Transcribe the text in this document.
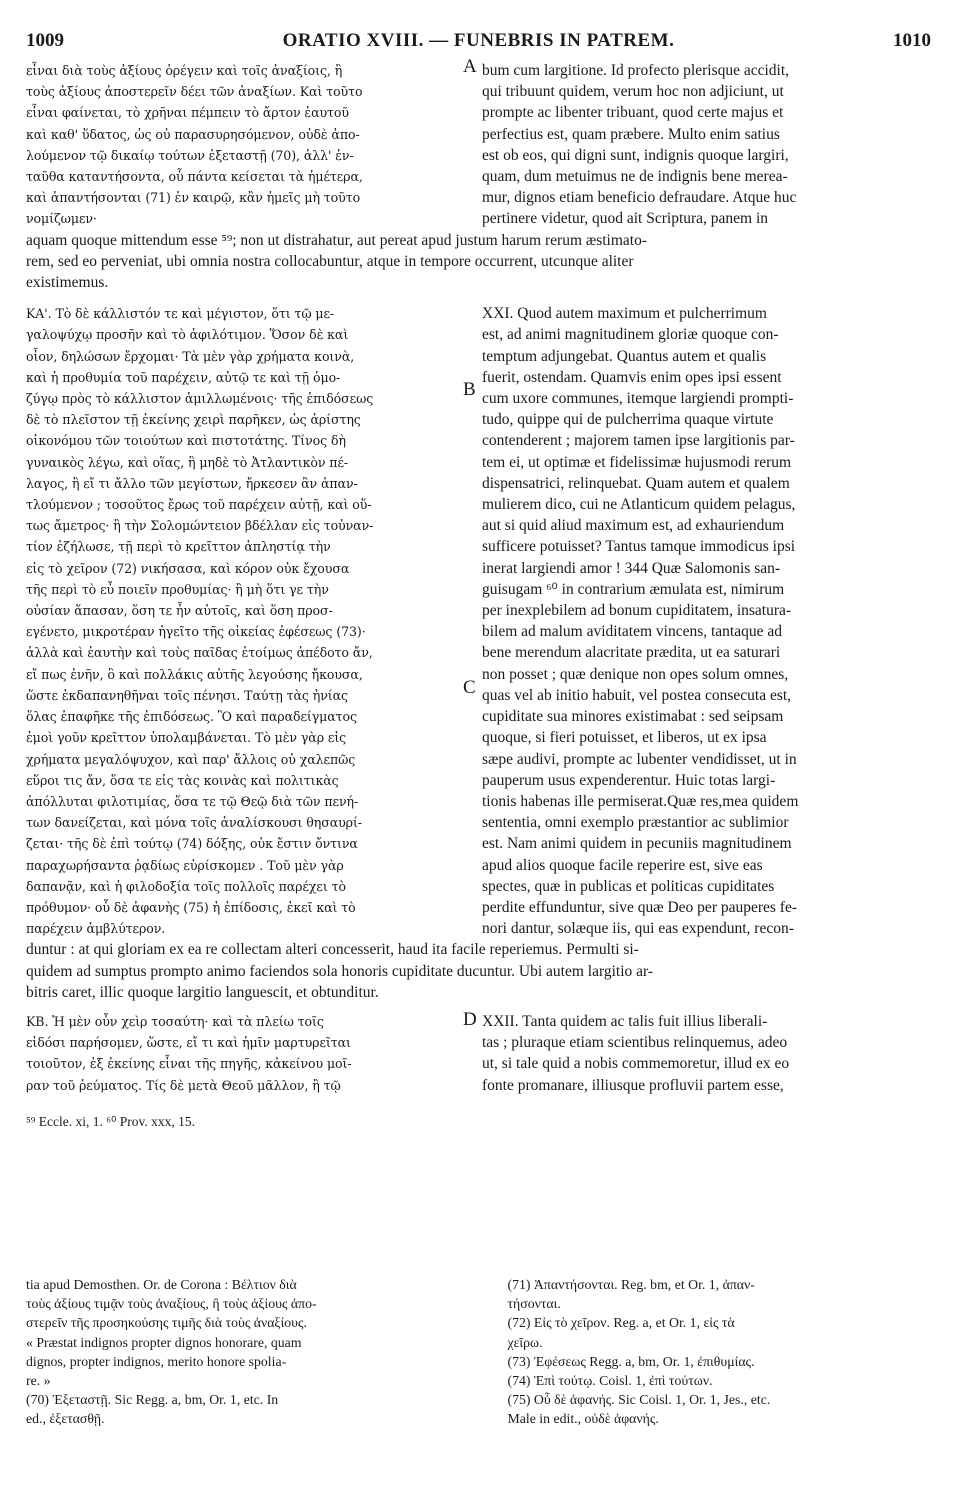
1009	ORATIO XVIII. — FUNEBRIS IN PATREM.	1010
εἶναι διὰ τοὺς ἀξίους ὀρέγειν καὶ τοῖς ἀναξίοις, ἢ
τοὺς ἀξίους ἀποστερεῖν δέει τῶν ἀναξίων. Καὶ τοῦτο
εἶναι φαίνεται, τὸ χρῆναι πέμπειν τὸ ἄρτον ἑαυτοῦ
καὶ καθ' ὕδατος, ὡς οὐ παρασυρησόμενον, οὐδὲ ἀπο-
λούμενον τῷ δικαίῳ τούτων ἐξεταστῇ (70), ἀλλ' ἐν-
ταῦθα καταντήσοντα, οὗ πάντα κείσεται τὰ ἡμέτερα,
καὶ ἀπαντήσονται (71) ἐν καιρῷ, κἂν ἡμεῖς μὴ τοῦτο
νομίζωμεν·
bum cum largitione. Id profecto plerisque accidit,
qui tribuunt quidem, verum hoc non adjiciunt, ut
prompte ac libenter tribuant, quod certe majus et
perfectius est, quam præbere. Multo enim satius
est ob eos, qui digni sunt, indignis quoque largiri,
quam, dum metuimus ne de indignis bene merea-
mur, dignos etiam beneficio defraudare. Atque huc
pertinere videtur, quod ait Scriptura, panem in
A
aquam quoque mittendum esse ⁵⁹; non ut distrahatur, aut pereat apud justum harum rerum æstimato-
rem, sed eo perveniat, ubi omnia nostra collocabuntur, atque in tempore occurrent, utcunque aliter
existimemus.
ΚΑ'. Τὸ δὲ κάλλιστόν τε καὶ μέγιστον, ὅτι τῷ με-
γαλοψύχῳ προσῆν καὶ τὸ ἀφιλότιμον. Ὅσον δὲ καὶ
οἷον, δηλώσων ἔρχομαι· Τὰ μὲν γὰρ χρήματα κοινὰ,
καὶ ἡ προθυμία τοῦ παρέχειν, αὐτῷ τε καὶ τῇ ὁμο-
ζύγῳ πρὸς τὸ κάλλιστον ἁμιλλωμένοις· τῆς ἐπιδόσεως
δὲ τὸ πλεῖστον τῇ ἐκείνης χειρὶ παρῆκεν, ὡς ἀρίστης
οἰκονόμου τῶν τοιούτων καὶ πιστοτάτης. Τίνος δὴ
γυναικὸς λέγω, καὶ οἵας, ἣ μηδὲ τὸ Ἀτλαντικὸν πέ-
λαγος, ἢ εἴ τι ἄλλο τῶν μεγίστων, ἤρκεσεν ἂν ἀπαν-
τλούμενον ; τοσοῦτος ἔρως τοῦ παρέχειν αὐτῇ, καὶ οὕ-
τως ἄμετρος· ἣ τὴν Σολομώντειον βδέλλαν εἰς τοὐναν-
τίον ἐζήλωσε, τῇ περὶ τὸ κρεῖττον ἀπληστίᾳ τὴν
εἰς τὸ χεῖρον (72) νικήσασα, καὶ κόρον οὐκ ἔχουσα
τῆς περὶ τὸ εὖ ποιεῖν προθυμίας· ἢ μὴ ὅτι γε τὴν
οὐσίαν ἅπασαν, ὅση τε ἦν αὐτοῖς, καὶ ὅση προσ-
εγένετο, μικροτέραν ἡγεῖτο τῆς οἰκείας ἐφέσεως (73)·
ἀλλὰ καὶ ἑαυτὴν καὶ τοὺς παῖδας ἑτοίμως ἀπέδοτο ἄν,
εἴ πως ἐνῆν, ὃ καὶ πολλάκις αὐτῆς λεγούσης ἤκουσα,
ὥστε ἐκδαπανηθῆναι τοῖς πένησι. Ταύτῃ τὰς ἡνίας
ὅλας ἐπαφῆκε τῆς ἐπιδόσεως. Ὃ καὶ παραδείγματος
ἐμοὶ γοῦν κρεῖττον ὑπολαμβάνεται. Τὸ μὲν γὰρ εἰς
χρήματα μεγαλόψυχον, καὶ παρ' ἄλλοις οὐ χαλεπῶς
εὕροι τις ἄν, ὅσα τε εἰς τὰς κοινὰς καὶ πολιτικὰς
ἀπόλλυται φιλοτιμίας, ὅσα τε τῷ Θεῷ διὰ τῶν πενή-
των δανείζεται, καὶ μόνα τοῖς ἀναλίσκουσι θησαυρί-
ζεται· τῆς δὲ ἐπὶ τούτῳ (74) δόξης, οὐκ ἔστιν ὄντινα
παραχωρήσαντα ῥᾳδίως εὑρίσκομεν . Τοῦ μὲν γὰρ
δαπανᾷν, καὶ ἡ φιλοδοξία τοῖς πολλοῖς παρέχει τὸ
πρόθυμον· οὗ δὲ ἀφανὴς (75) ἡ ἐπίδοσις, ἐκεῖ καὶ τὸ
παρέχειν ἀμβλύτερον.
XXI. Quod autem maximum et pulcherrimum
est, ad animi magnitudinem gloriæ quoque con-
temptum adjungebat. Quantus autem et qualis
fuerit, ostendam. Quamvis enim opes ipsi essent
cum uxore communes, itemque largiendi prompti-
tudo, quippe qui de pulcherrima quaque virtute
contenderent ; majorem tamen ipse largitionis par-
tem ei, ut optimæ et fidelissimæ hujusmodi rerum
dispensatrici, relinquebat. Quam autem et qualem
mulierem dico, cui ne Atlanticum quidem pelagus,
aut si quid aliud maximum est, ad exhauriendum
sufficere potuisset? Tantus tamque immodicus ipsi
inerat largiendi amor ! 344 Quæ Salomonis san-
guisugam ⁶⁰ in contrarium æmulata est, nimirum
per inexplebilem ad bonum cupiditatem, insatura-
bilem ad malum aviditatem vincens, tantaque ad
bene merendum alacritate prædita, ut ea saturari
non posset ; quæ denique non opes solum omnes,
quas vel ab initio habuit, vel postea consecuta est,
cupiditate sua minores existimabat : sed seipsam
quoque, si fieri potuisset, et liberos, ut ex ipsa
sæpe audivi, prompte ac lubenter vendidisset, ut in
pauperum usus expenderentur. Huic totas largi-
tionis habenas ille permiserat.Quæ res,mea quidem
sententia, omni exemplo præstantior ac sublimior
est. Nam animi quidem in pecuniis magnitudinem
apud alios quoque facile reperire est, sive eas
spectes, quæ in publicas et politicas cupiditates
perdite effunduntur, sive quæ Deo per pauperes fe-
nori dantur, solæque iis, qui eas expendunt, recon-
B
C
duntur : at qui gloriam ex ea re collectam alteri concesserit, haud ita facile reperiemus. Permulti si-
quidem ad sumptus prompto animo faciendos sola honoris cupiditate ducuntur. Ubi autem largitio ar-
bitris caret, illic quoque largitio languescit, et obtunditur.
ΚΒ. Ἡ μὲν οὖν χεὶρ τοσαύτη· καὶ τὰ πλείω τοῖς
εἰδόσι παρήσομεν, ὥστε, εἴ τι καὶ ἡμῖν μαρτυρεῖται
τοιοῦτον, ἐξ ἐκείνης εἶναι τῆς πηγῆς, κἀκείνου μοῖ-
ραν τοῦ ῥεύματος. Τίς δὲ μετὰ Θεοῦ μᾶλλον, ἢ τῷ
XXII. Tanta quidem ac talis fuit illius liberali-
tas ; pluraque etiam scientibus relinquemus, adeo
ut, si tale quid a nobis commemoretur, illud ex eo
fonte promanare, illiusque profluvii partem esse,
D
⁵⁹ Eccle. xi, 1. ⁶⁰ Prov. xxx, 15.
tia apud Demosthen. Or. de Corona : Βέλτιον διὰ
τοὺς ἀξίους τιμᾷν τοὺς ἀναξίους, ἢ τοὺς ἀξίους ἀπο-
στερεῖν τῆς προσηκούσης τιμῆς διὰ τοὺς ἀναξίους.
« Præstat indignos propter dignos honorare, quam
dignos, propter indignos, merito honore spolia-
re. »
(70) Ἐξεταστῇ. Sic Regg. a, bm, Or. 1, etc. In
ed., ἐξετασθῇ.
(71) Ἀπαντήσονται. Reg. bm, et Or. 1, ἀπαν-
τήσονται.
(72) Εἰς τὸ χεῖρον. Reg. a, et Or. 1, εἰς τὰ
χεῖρω.
(73) Ἐφέσεως Regg. a, bm, Or. 1, ἐπιθυμίας.
(74) Ἐπὶ τούτῳ. Coisl. 1, ἐπὶ τούτων.
(75) Οὗ δὲ ἀφανής. Sic Coisl. 1, Or. 1, Jes., etc.
Male in edit., οὐδὲ ἀφανής.
